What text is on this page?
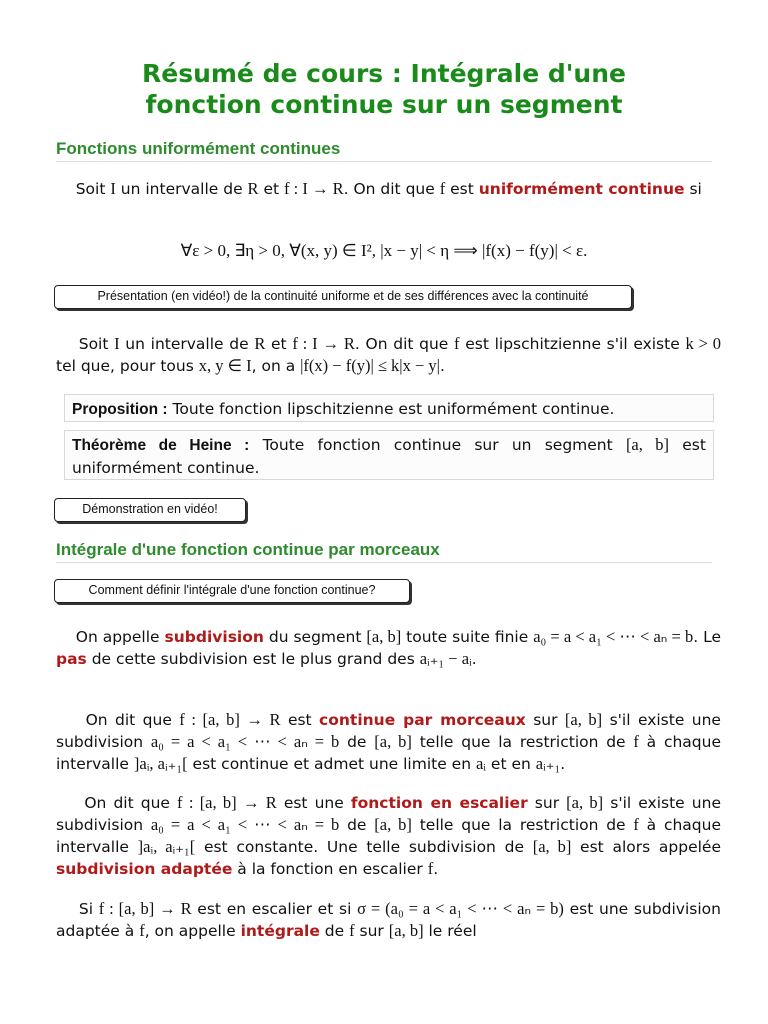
Résumé de cours : Intégrale d'une
fonction continue sur un segment
Fonctions uniformément continues

Soit I un intervalle de R et f : I → R. On dit que f est uniformément continue si

∀ε > 0, ∃η > 0, ∀(x, y) ∈ I², |x − y| < η ⟹ |f(x) − f(y)| < ε.
Présentation (en vidéo!) de la continuité uniforme et de ses différences avec la continuité

Soit I un intervalle de R et f : I → R. On dit que f est lipschitzienne s'il existe k > 0 tel que, pour tous x, y ∈ I, on a |f(x) − f(y)| ≤ k|x − y|.

Proposition : Toute fonction lipschitzienne est uniformément continue.
Théorème de Heine : Toute fonction continue sur un segment [a, b] est uniformément continue.
Démonstration en vidéo!
Intégrale d'une fonction continue par morceaux
Comment définir l'intégrale d'une fonction continue?

On appelle subdivision du segment [a, b] toute suite finie a₀ = a < a₁ < ⋯ < aₙ = b. Le pas de cette subdivision est le plus grand des aᵢ₊₁ − aᵢ.

On dit que f : [a, b] → R est continue par morceaux sur [a, b] s'il existe une subdivision a₀ = a < a₁ < ⋯ < aₙ = b de [a, b] telle que la restriction de f à chaque intervalle ]aᵢ, aᵢ₊₁[ est continue et admet une limite en aᵢ et en aᵢ₊₁.

On dit que f : [a, b] → R est une fonction en escalier sur [a, b] s'il existe une subdivision a₀ = a < a₁ < ⋯ < aₙ = b de [a, b] telle que la restriction de f à chaque intervalle ]aᵢ, aᵢ₊₁[ est constante. Une telle subdivision de [a, b] est alors appelée subdivision adaptée à la fonction en escalier f.

Si f : [a, b] → R est en escalier et si σ = (a₀ = a < a₁ < ⋯ < aₙ = b) est une subdivision adaptée à f, on appelle intégrale de f sur [a, b] le réel
